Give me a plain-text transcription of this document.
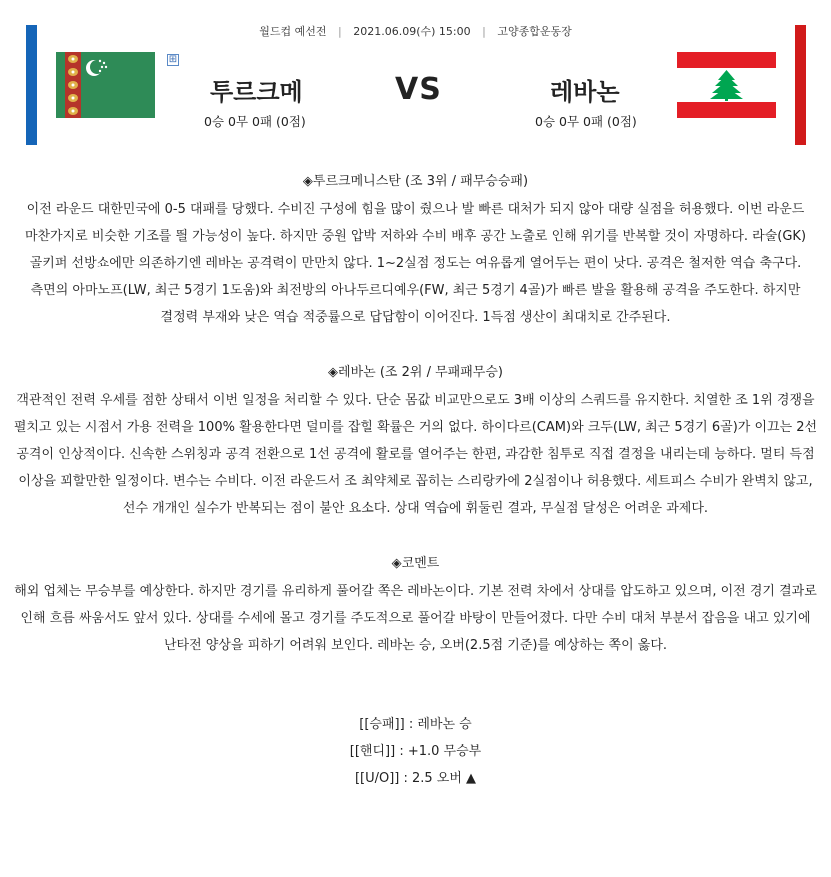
월드컵 예선전 | 2021.06.09(수) 15:00 | 고양종합운동장
⊞
투르크메	VS	레바논
0승 0무 0패 (0점)	0승 0무 0패 (0점)

◈투르크메니스탄 (조 3위 / 패무승승패)

이전 라운드 대한민국에 0-5 대패를 당했다. 수비진 구성에 힘을 많이 줬으나 발 빠른 대처가 되지 않아 대량 실점을 허용했다. 이번 라운드 마찬가지로 비슷한 기조를 띌 가능성이 높다. 하지만 중원 압박 저하와 수비 배후 공간 노출로 인해 위기를 반복할 것이 자명하다. 라술(GK) 골키퍼 선방쇼에만 의존하기엔 레바논 공격력이 만만치 않다. 1~2실점 정도는 여유롭게 열어두는 편이 낫다. 공격은 철저한 역습 축구다. 측면의 아마노프(LW, 최근 5경기 1도움)와 최전방의 아나두르디예우(FW, 최근 5경기 4골)가 빠른 발을 활용해 공격을 주도한다. 하지만 결정력 부재와 낮은 역습 적중률으로 답답함이 이어진다. 1득점 생산이 최대치로 간주된다.

◈레바논 (조 2위 / 무패패무승)

객관적인 전력 우세를 점한 상태서 이번 일정을 처리할 수 있다. 단순 몸값 비교만으로도 3배 이상의 스쿼드를 유지한다. 치열한 조 1위 경쟁을 펼치고 있는 시점서 가용 전력을 100% 활용한다면 덜미를 잡힐 확률은 거의 없다. 하이다르(CAM)와 크두(LW, 최근 5경기 6골)가 이끄는 2선 공격이 인상적이다. 신속한 스위칭과 공격 전환으로 1선 공격에 활로를 열어주는 한편, 과감한 침투로 직접 결정을 내리는데 능하다. 멀티 득점 이상을 꾀할만한 일정이다. 변수는 수비다. 이전 라운드서 조 최약체로 꼽히는 스리랑카에 2실점이나 허용했다. 세트피스 수비가 완벽치 않고, 선수 개개인 실수가 반복되는 점이 불안 요소다. 상대 역습에 휘둘린 결과, 무실점 달성은 어려운 과제다.

◈코멘트

해외 업체는 무승부를 예상한다. 하지만 경기를 유리하게 풀어갈 쪽은 레바논이다. 기본 전력 차에서 상대를 압도하고 있으며, 이전 경기 결과로 인해 흐름 싸움서도 앞서 있다. 상대를 수세에 몰고 경기를 주도적으로 풀어갈 바탕이 만들어졌다. 다만 수비 대처 부분서 잡음을 내고 있기에 난타전 양상을 피하기 어려워 보인다. 레바논 승, 오버(2.5점 기준)를 예상하는 쪽이 옳다.

[[승패]] : 레바논 승

[[핸디]] : +1.0 무승부

[[U/O]] : 2.5 오버 ▲
